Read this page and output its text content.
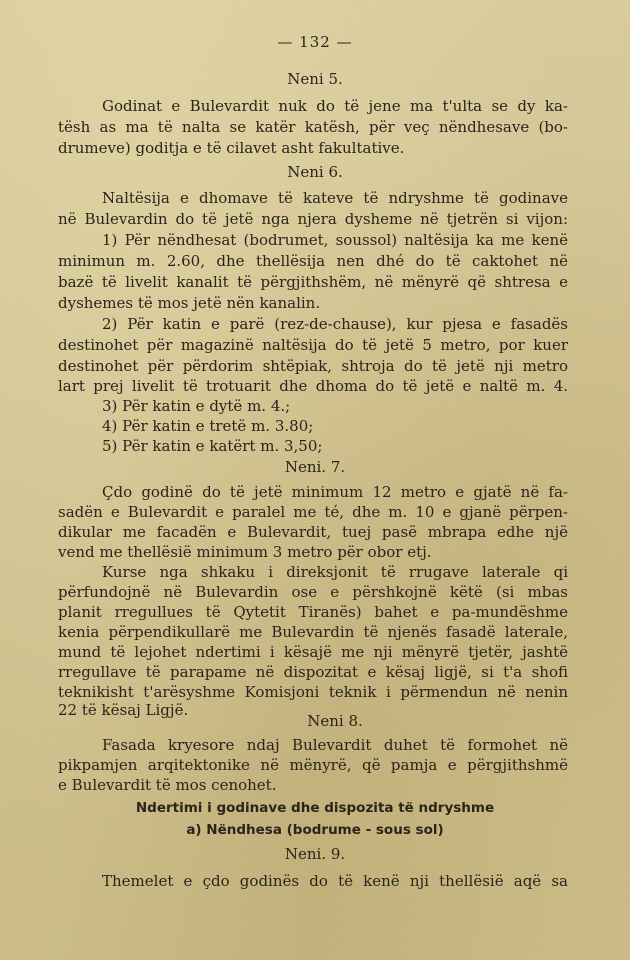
— 132 —
Neni 5.
Godinat e Bulevardit nuk do të jene ma t'ulta se dy ka-
tësh as ma të nalta se katër katësh, për veç nëndhesave (bo-
drumeve) goditja e të cilavet asht fakultative.
Neni 6.
Naltësija e dhomave të kateve të ndryshme të godinave
në Bulevardin do të jetë nga njera dysheme në tjetrën si vijon:
1) Për nëndhesat (bodrumet, soussol) naltësija ka me kenë
minimun m. 2.60, dhe thellësija nen dhé do të caktohet në
bazë të livelit kanalit të përgjithshëm, në mënyrë që shtresa e
dyshemes të mos jetë nën kanalin.
2) Për katin e parë (rez-de-chause), kur pjesa e fasadës
destinohet për magazinë naltësija do të jetë 5 metro, por kuer
destinohet për përdorim shtëpiak, shtroja do të jetë nji metro
lart prej livelit të trotuarit dhe dhoma do të jetë e naltë m. 4.
3) Për katin e dytë m. 4.;
4) Për katin e tretë m. 3.80;
5) Për katin e katërt m. 3,50;
Neni. 7.
Çdo godinë do të jetë minimum 12 metro e gjatë në fa-
sadën e Bulevardit e paralel me té, dhe m. 10 e gjanë përpen-
dikular me facadën e Bulevardit, tuej pasë mbrapa edhe një
vend me thellësië minimum 3 metro për obor etj.
Kurse nga shkaku i direksjonit të rrugave laterale qi
përfundojnë në Bulevardin ose e përshkojnë këtë (si mbas
planit rregullues të Qytetit Tiranës) bahet e pa-mundëshme
kenia përpendikullarë me Bulevardin të njenës fasadë laterale,
mund të lejohet ndertimi i kësajë me nji mënyrë tjetër, jashtë
rregullave të parapame në dispozitat e kësaj ligjë, si t'a shofi
teknikisht t'arësyshme Komisjoni teknik i përmendun në nenin
22 të kësaj Ligjë.
Neni 8.
Fasada kryesore ndaj Bulevardit duhet të formohet në
pikpamjen arqitektonike në mënyrë, që pamja e përgjithshmë
e Bulevardit të mos cenohet.
Ndertimi i godinave dhe dispozita të ndryshme
a) Nëndhesa (bodrume - sous sol)
Neni. 9.
Themelet e çdo godinës do të kenë nji thellësië aqë sa
